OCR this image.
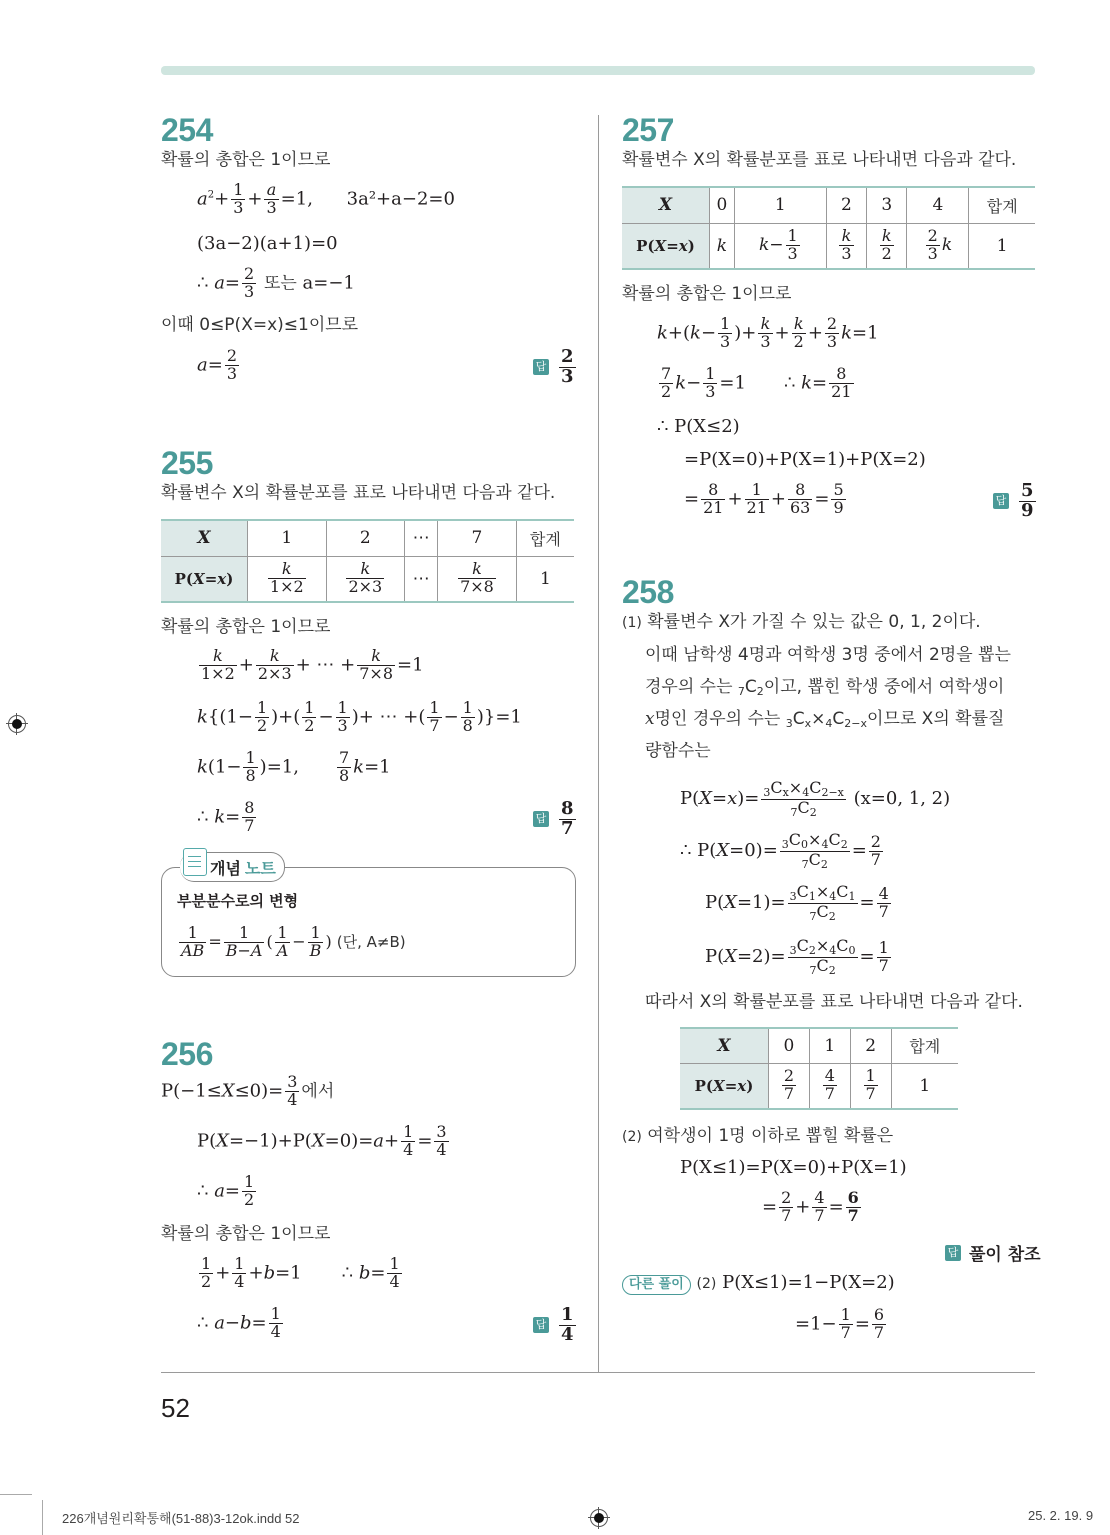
52
226개념원리확통해(51-88)3-12ok.indd 52	25. 2. 19. 9
254
확률의 총합은 1이므로
$a^2+ \frac{1}{3} + \frac{a}{3} =1$, 3a²+a−2=0
(3a−2)(a+1)=0
∴ $a= \frac{2}{3}$ 또는 a=−1
이때 0≤P(X=x)≤1이므로
$a= \frac{2}{3}$	답 $\frac{2}{3}$
255
확률변수 X의 확률분포를 표로 나타내면 다음과 같다.
X	1	2	⋯	7	합계
P(X=x)	$\frac{k}{1\times 2}$	$\frac{k}{2\times 3}$	⋯	$\frac{k}{7\times 8}$	1
확률의 총합은 1이므로
$\frac{k}{1\times 2} + \frac{k}{2\times 3}$ + ⋯ + $\frac{k}{7\times 8} =1$
$k\{(1- \frac{1}{2}$ )+( $\frac{1}{2} - \frac{1}{3}$ )+ ⋯ +( $\frac{1}{7} - \frac{1}{8} )\}=1$
$k(1- \frac{1}{8} )=1$, $\frac{7}{8} k=1$
∴ $k= \frac{8}{7}$	답 $\frac{8}{7}$
개념 노트
부분분수로의 변형
$\frac{1}{AB} = \frac{1}{B-A}$ ( $\frac{1}{A} - \frac{1}{B}$ ) (단, A≠B)
256
$P(-1\le X\le 0)= \frac{3}{4}$ 에서
$P(X=-1)+P(X=0)=a+ \frac{1}{4} = \frac{3}{4}$
∴ $a= \frac{1}{2}$
확률의 총합은 1이므로
$\frac{1}{2} + \frac{1}{4} +b=1$ ∴ $b= \frac{1}{4}$
∴ $a-b= \frac{1}{4}$	답 $\frac{1}{4}$
257
확률변수 X의 확률분포를 표로 나타내면 다음과 같다.
X	0	1	2	3	4	합계
P(X=x)	k	$k- \frac{1}{3}$	$\frac{k}{3}$	$\frac{k}{2}$	$\frac{2}{3}$ k	1
확률의 총합은 1이므로
$k+(k- \frac{1}{3}$ )+ $\frac{k}{3} + \frac{k}{2} + \frac{2}{3} k=1$
$\frac{7}{2} k- \frac{1}{3} =1$ ∴ $k= \frac{8}{21}$
∴ P(X≤2)
=P(X=0)+P(X=1)+P(X=2)
= $\frac{8}{21} + \frac{1}{21} + \frac{8}{63} = \frac{5}{9}$	답 $\frac{5}{9}$
258
(1) 확률변수 X가 가질 수 있는 값은 0, 1, 2이다.
이때 남학생 4명과 여학생 3명 중에서 2명을 뽑는
경우의 수는 $_7C_2$이고, 뽑힌 학생 중에서 여학생이
x명인 경우의 수는 $_3C_x\times_4C_{2-x}$이므로 X의 확률질
량함수는
$P(X=x)= \frac{_3C_x\times_4C_{2-x}}{_7C_2} (x=0$, 1, 2)
∴ $P(X=0)= \frac{_3C_0\times_4C_2}{_7C_2} = \frac{2}{7}$
$P(X=1)= \frac{_3C_1\times_4C_1}{_7C_2} = \frac{4}{7}$
$P(X=2)= \frac{_3C_2\times_4C_0}{_7C_2} = \frac{1}{7}$
따라서 X의 확률분포를 표로 나타내면 다음과 같다.
X	0	1	2	합계
P(X=x)	$\frac{2}{7}$	$\frac{4}{7}$	$\frac{1}{7}$	1
(2) 여학생이 1명 이하로 뽑힐 확률은
P(X≤1)=P(X=0)+P(X=1)
= $\frac{2}{7} + \frac{4}{7} = \frac{6}{7}$
답 풀이 참조
다른 풀이 (2) P(X≤1)=1−P(X=2)
$=1- \frac{1}{7} = \frac{6}{7}$
